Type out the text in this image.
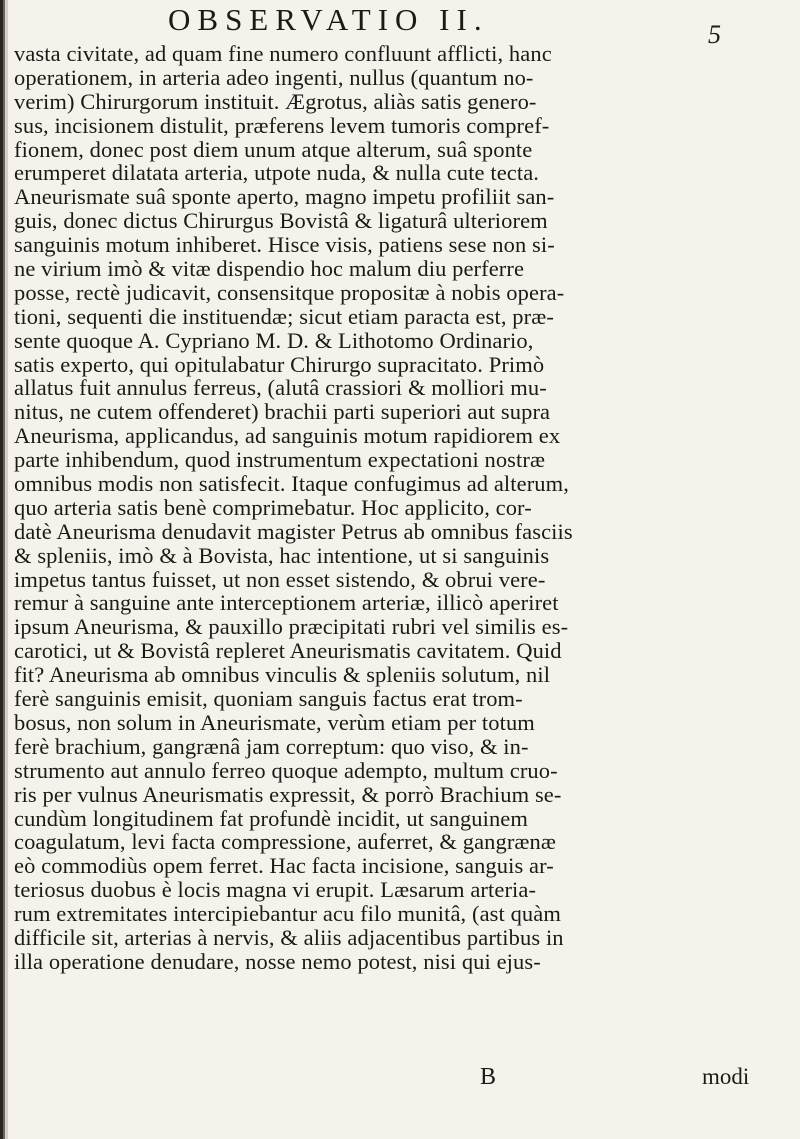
OBSERVATIO II.	5
vasta civitate, ad quam fine numero confluunt afflicti, hanc
operationem, in arteria adeo ingenti, nullus (quantum no-
verim) Chirurgorum instituit. Ægrotus, aliàs satis genero-
sus, incisionem distulit, præferens levem tumoris compref-
fionem, donec post diem unum atque alterum, suâ sponte
erumperet dilatata arteria, utpote nuda, & nulla cute tecta.
Aneurismate suâ sponte aperto, magno impetu profiliit san-
guis, donec dictus Chirurgus Bovistâ & ligaturâ ulteriorem
sanguinis motum inhiberet. Hisce visis, patiens sese non si-
ne virium imò & vitæ dispendio hoc malum diu perferre
posse, rectè judicavit, consensitque propositæ à nobis opera-
tioni, sequenti die instituendæ; sicut etiam paracta est, præ-
sente quoque A. Cypriano M. D. & Lithotomo Ordinario,
satis experto, qui opitulabatur Chirurgo supracitato. Primò
allatus fuit annulus ferreus, (alutâ crassiori & molliori mu-
nitus, ne cutem offenderet) brachii parti superiori aut supra
Aneurisma, applicandus, ad sanguinis motum rapidiorem ex
parte inhibendum, quod instrumentum expectationi nostræ
omnibus modis non satisfecit. Itaque confugimus ad alterum,
quo arteria satis benè comprimebatur. Hoc applicito, cor-
datè Aneurisma denudavit magister Petrus ab omnibus fasciis
& spleniis, imò & à Bovista, hac intentione, ut si sanguinis
impetus tantus fuisset, ut non esset sistendo, & obrui vere-
remur à sanguine ante interceptionem arteriæ, illicò aperiret
ipsum Aneurisma, & pauxillo præcipitati rubri vel similis es-
carotici, ut & Bovistâ repleret Aneurismatis cavitatem. Quid
fit? Aneurisma ab omnibus vinculis & spleniis solutum, nil
ferè sanguinis emisit, quoniam sanguis factus erat trom-
bosus, non solum in Aneurismate, verùm etiam per totum
ferè brachium, gangrænâ jam correptum: quo viso, & in-
strumento aut annulo ferreo quoque adempto, multum cruo-
ris per vulnus Aneurismatis expressit, & porrò Brachium se-
cundùm longitudinem fat profundè incidit, ut sanguinem
coagulatum, levi facta compressione, auferret, & gangrænæ
eò commodiùs opem ferret. Hac facta incisione, sanguis ar-
teriosus duobus è locis magna vi erupit. Læsarum arteria-
rum extremitates intercipiebantur acu filo munitâ, (ast quàm
difficile sit, arterias à nervis, & aliis adjacentibus partibus in
illa operatione denudare, nosse nemo potest, nisi qui ejus-
B	modi
